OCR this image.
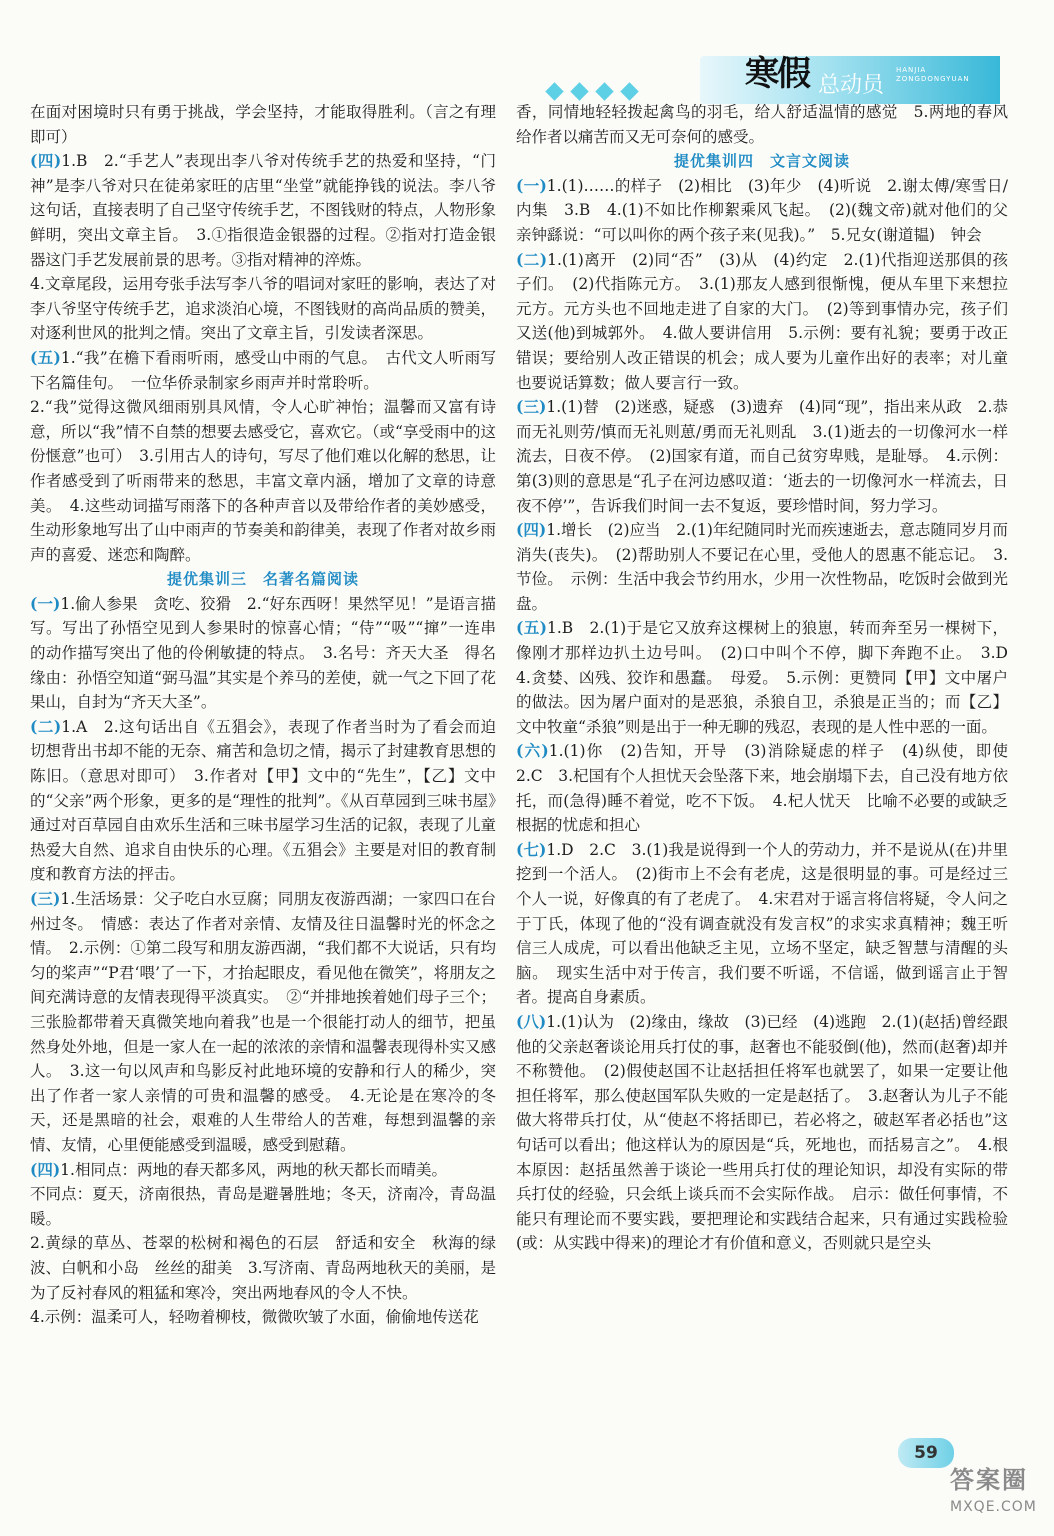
寒假 总动员
HANJIA
ZONGDONGYUAN

在面对困境时只有勇于挑战，学会坚持，才能取得胜利。（言之有理即可）

(四)1.B　2.“手艺人”表现出李八爷对传统手艺的热爱和坚持，“门神”是李八爷对只在徒弟家旺的店里“坐堂”就能挣钱的说法。李八爷这句话，直接表明了自己坚守传统手艺，不图钱财的特点，人物形象鲜明，突出文章主旨。　3.①指很造金银器的过程。②指对打造金银器这门手艺发展前景的思考。③指对精神的淬炼。

4.文章尾段，运用夸张手法写李八爷的唱词对家旺的影响，表达了对李八爷坚守传统手艺，追求淡泊心境，不图钱财的高尚品质的赞美，对逐利世风的批判之情。突出了文章主旨，引发读者深思。

(五)1.“我”在檐下看雨听雨，感受山中雨的气息。　古代文人听雨写下名篇佳句。　一位华侨录制家乡雨声并时常聆听。

2.“我”觉得这微风细雨别具风情，令人心旷神怡；温馨而又富有诗意，所以“我”情不自禁的想要去感受它，喜欢它。（或“享受雨中的这份惬意”也可）　3.引用古人的诗句，写尽了他们难以化解的愁思，让作者感受到了听雨带来的愁思，丰富文章内涵，增加了文章的诗意美。　4.这些动词描写雨落下的各种声音以及带给作者的美妙感受，生动形象地写出了山中雨声的节奏美和韵律美，表现了作者对故乡雨声的喜爱、迷恋和陶醉。

提优集训三　名著名篇阅读

(一)1.偷人参果　贪吃、狡猾　2.“好东西呀！果然罕见！”是语言描写。写出了孙悟空见到人参果时的惊喜心情；“侍”“吸”“撺”一连串的动作描写突出了他的伶俐敏捷的特点。　3.名号：齐天大圣　得名缘由：孙悟空知道“弼马温”其实是个养马的差使，就一气之下回了花果山，自封为“齐天大圣”。

(二)1.A　2.这句话出自《五猖会》，表现了作者当时为了看会而迫切想背出书却不能的无奈、痛苦和急切之情，揭示了封建教育思想的陈旧。（意思对即可）　3.作者对【甲】文中的“先生”，【乙】文中的“父亲”两个形象，更多的是“理性的批判”。《从百草园到三味书屋》通过对百草园自由欢乐生活和三味书屋学习生活的记叙，表现了儿童热爱大自然、追求自由快乐的心理。《五猖会》主要是对旧的教育制度和教育方法的抨击。

(三)1.生活场景：父子吃白水豆腐；同朋友夜游西湖；一家四口在台州过冬。　情感：表达了作者对亲情、友情及往日温馨时光的怀念之情。　2.示例：①第二段写和朋友游西湖，“我们都不大说话，只有均匀的桨声”“P君‘喂’了一下，才抬起眼皮，看见他在微笑”，将朋友之间充满诗意的友情表现得平淡真实。　②“并排地挨着她们母子三个；三张脸都带着天真微笑地向着我”也是一个很能打动人的细节，把虽然身处外地，但是一家人在一起的浓浓的亲情和温馨表现得朴实又感人。　3.这一句以风声和鸟影反衬此地环境的安静和行人的稀少，突出了作者一家人亲情的可贵和温馨的感受。　4.无论是在寒冷的冬天，还是黑暗的社会，艰难的人生带给人的苦难，每想到温馨的亲情、友情，心里便能感受到温暖，感受到慰藉。

(四)1.相同点：两地的春天都多风，两地的秋天都长而晴美。

不同点：夏天，济南很热，青岛是避暑胜地；冬天，济南冷，青岛温暖。

2.黄绿的草丛、苍翠的松树和褐色的石层　舒适和安全　秋海的绿波、白帆和小岛　丝丝的甜美　3.写济南、青岛两地秋天的美丽，是为了反衬春风的粗猛和寒冷，突出两地春风的令人不快。

4.示例：温柔可人，轻吻着柳枝，微微吹皱了水面，偷偷地传送花

香，同情地轻轻拨起禽鸟的羽毛，给人舒适温情的感觉　5.两地的春风给作者以痛苦而又无可奈何的感受。

提优集训四　文言文阅读

(一)1.(1)……的样子　(2)相比　(3)年少　(4)听说　2.谢太傅/寒雪日/内集　3.B　4.(1)不如比作柳絮乘风飞起。　(2)(魏文帝)就对他们的父亲钟繇说：“可以叫你的两个孩子来(见我)。”　5.兄女(谢道韫)　钟会

(二)1.(1)离开　(2)同“否”　(3)从　(4)约定　2.(1)代指迎送那俱的孩子们。　(2)代指陈元方。　3.(1)那友人感到很惭愧，便从车里下来想拉元方。元方头也不回地走进了自家的大门。　(2)等到事情办完，孩子们又送(他)到城郭外。　4.做人要讲信用　5.示例：要有礼貌；要勇于改正错误；要给别人改正错误的机会；成人要为儿童作出好的表率；对儿童也要说话算数；做人要言行一致。

(三)1.(1)替　(2)迷惑，疑惑　(3)遗弃　(4)同“现”，指出来从政　2.恭而无礼则劳/慎而无礼则葸/勇而无礼则乱　3.(1)逝去的一切像河水一样流去，日夜不停。　(2)国家有道，而自己贫穷卑贱，是耻辱。　4.示例：第(3)则的意思是“孔子在河边感叹道：‘逝去的一切像河水一样流去，日夜不停’”，告诉我们时间一去不复返，要珍惜时间，努力学习。

(四)1.增长　(2)应当　2.(1)年纪随同时光而疾速逝去，意志随同岁月而消失(丧失)。　(2)帮助别人不要记在心里，受他人的恩惠不能忘记。　3.节俭。　示例：生活中我会节约用水，少用一次性物品，吃饭时会做到光盘。

(五)1.B　2.(1)于是它又放弃这棵树上的狼崽，转而奔至另一棵树下，像刚才那样边扒土边号叫。　(2)口中叫个不停，脚下奔跑不止。　3.D　4.贪婪、凶残、狡诈和愚蠢。　母爱。　5.示例：更赞同【甲】文中屠户的做法。因为屠户面对的是恶狼，杀狼自卫，杀狼是正当的；而【乙】文中牧童“杀狼”则是出于一种无聊的残忍，表现的是人性中恶的一面。

(六)1.(1)你　(2)告知，开导　(3)消除疑虑的样子　(4)纵使，即使　2.C　3.杞国有个人担忧天会坠落下来，地会崩塌下去，自己没有地方依托，而(急得)睡不着觉，吃不下饭。　4.杞人忧天　比喻不必要的或缺乏根据的忧虑和担心

(七)1.D　2.C　3.(1)我是说得到一个人的劳动力，并不是说从(在)井里挖到一个活人。　(2)街市上不会有老虎，这是很明显的事。可是经过三个人一说，好像真的有了老虎了。　4.宋君对于谣言将信将疑，令人问之于丁氏，体现了他的“没有调查就没有发言权”的求实求真精神；魏王听信三人成虎，可以看出他缺乏主见，立场不坚定，缺乏智慧与清醒的头脑。　现实生活中对于传言，我们要不听谣，不信谣，做到谣言止于智者。提高自身素质。

(八)1.(1)认为　(2)缘由，缘故　(3)已经　(4)逃跑　2.(1)(赵括)曾经跟他的父亲赵奢谈论用兵打仗的事，赵奢也不能驳倒(他)，然而(赵奢)却并不称赞他。　(2)假使赵国不让赵括担任将军也就罢了，如果一定要让他担任将军，那么使赵国军队失败的一定是赵括了。　3.赵奢认为儿子不能做大将带兵打仗，从“使赵不将括即已，若必将之，破赵军者必括也”这句话可以看出；他这样认为的原因是“兵，死地也，而括易言之”。　4.根本原因：赵括虽然善于谈论一些用兵打仗的理论知识，却没有实际的带兵打仗的经验，只会纸上谈兵而不会实际作战。　启示：做任何事情，不能只有理论而不要实践，要把理论和实践结合起来，只有通过实践检验(或：从实践中得来)的理论才有价值和意义，否则就只是空头

59
答案圈
MXQE.COM
